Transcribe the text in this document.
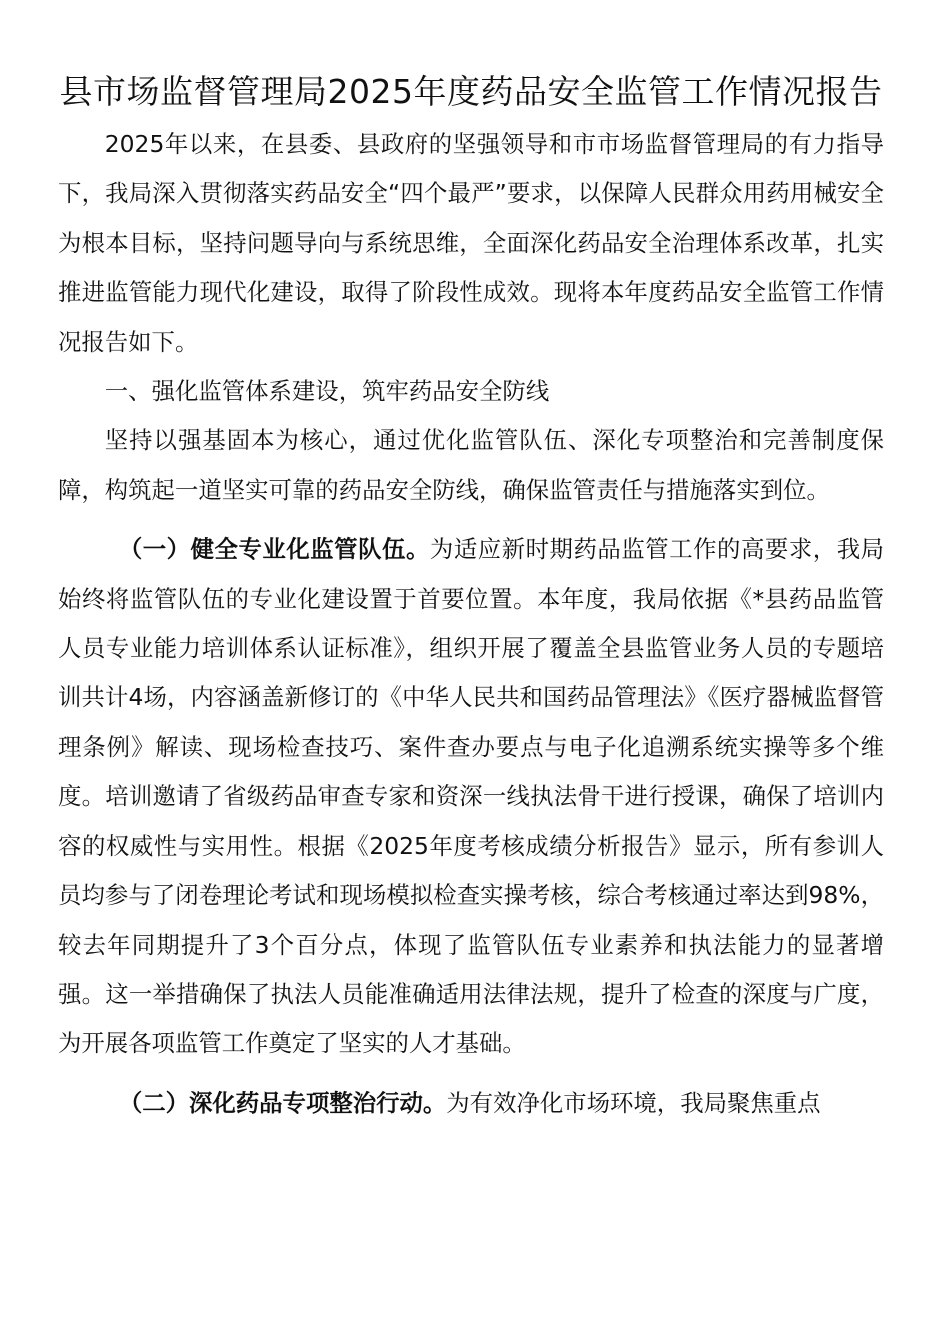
县市场监督管理局2025年度药品安全监管工作情况报告

2025年以来，在县委、县政府的坚强领导和市市场监督管理局的有力指导下，我局深入贯彻落实药品安全“四个最严”要求，以保障人民群众用药用械安全为根本目标，坚持问题导向与系统思维，全面深化药品安全治理体系改革，扎实推进监管能力现代化建设，取得了阶段性成效。现将本年度药品安全监管工作情况报告如下。

一、强化监管体系建设，筑牢药品安全防线

坚持以强基固本为核心，通过优化监管队伍、深化专项整治和完善制度保障，构筑起一道坚实可靠的药品安全防线，确保监管责任与措施落实到位。

（一）健全专业化监管队伍。为适应新时期药品监管工作的高要求，我局始终将监管队伍的专业化建设置于首要位置。本年度，我局依据《*县药品监管人员专业能力培训体系认证标准》，组织开展了覆盖全县监管业务人员的专题培训共计4场，内容涵盖新修订的《中华人民共和国药品管理法》《医疗器械监督管理条例》解读、现场检查技巧、案件查办要点与电子化追溯系统实操等多个维度。培训邀请了省级药品审查专家和资深一线执法骨干进行授课，确保了培训内容的权威性与实用性。根据《2025年度考核成绩分析报告》显示，所有参训人员均参与了闭卷理论考试和现场模拟检查实操考核，综合考核通过率达到98%，较去年同期提升了3个百分点，体现了监管队伍专业素养和执法能力的显著增强。这一举措确保了执法人员能准确适用法律法规，提升了检查的深度与广度，为开展各项监管工作奠定了坚实的人才基础。

（二）深化药品专项整治行动。为有效净化市场环境，我局聚焦重点
